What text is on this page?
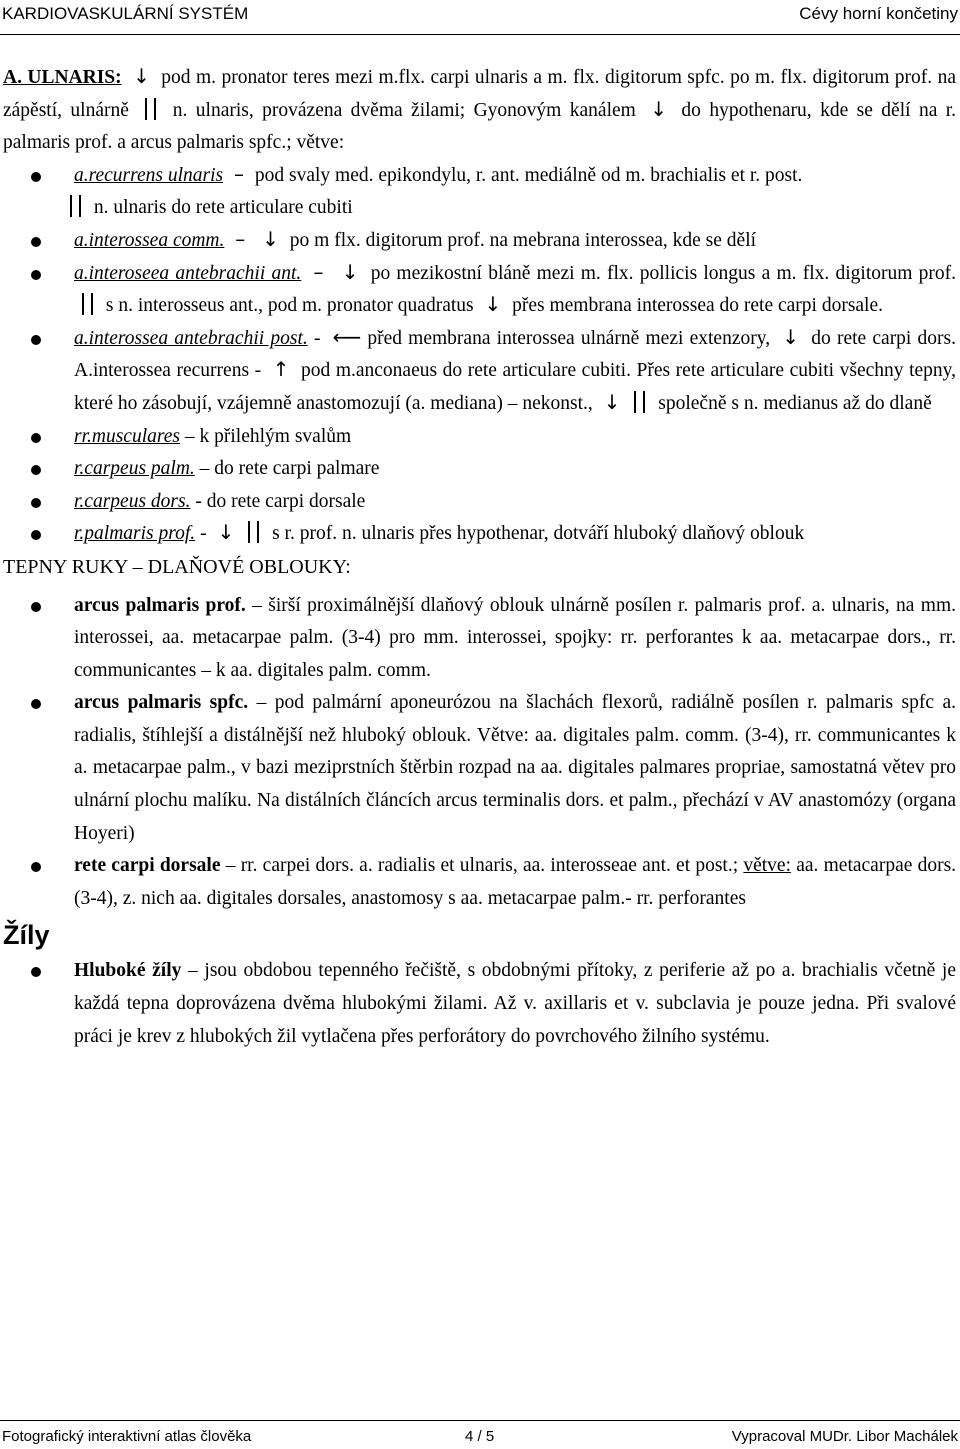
KARDIOVASKULÁRNÍ SYSTÉM	Cévy horní končetiny

A. ULNARIS: ↓ pod m. pronator teres mezi m.flx. carpi ulnaris a m. flx. digitorum spfc. po m. flx. digitorum prof. na zápěstí, ulnárně n. ulnaris, provázena dvěma žilami; Gyonovým kanálem ↓ do hypothenaru, kde se dělí na r. palmaris prof. a arcus palmaris spfc.; větve:

a.recurrens ulnaris – pod svaly med. epikondylu, r. ant. mediálně od m. brachialis et r. post.
n. ulnaris do rete articulare cubiti
a.interossea comm. – ↓ po m flx. digitorum prof. na mebrana interossea, kde se dělí
a.interoseea antebrachii ant. – ↓ po mezikostní bláně mezi m. flx. pollicis longus a m. flx. digitorum prof.  s n. interosseus ant., pod m. pronator quadratus ↓ přes membrana interossea do rete carpi dorsale.
a.interossea antebrachii post. - ⟵ před membrana interossea ulnárně mezi extenzory, ↓ do rete carpi dors. A.interossea recurrens - ↑ pod m.anconaeus do rete articulare cubiti. Přes rete articulare cubiti všechny tepny, které ho zásobují, vzájemně anastomozují (a. mediana) – nekonst., ↓ společně s n. medianus až do dlaně
rr.musculares – k přilehlým svalům
r.carpeus palm. – do rete carpi palmare
r.carpeus dors. - do rete carpi dorsale
r.palmaris prof. - ↓ s r. prof. n. ulnaris přes hypothenar, dotváří hluboký dlaňový oblouk

TEPNY RUKY – DLAŇOVÉ OBLOUKY:

arcus palmaris prof. – širší proximálnější dlaňový oblouk ulnárně posílen r. palmaris prof. a. ulnaris, na mm. interossei, aa. metacarpae palm. (3-4) pro mm. interossei, spojky: rr. perforantes k aa. metacarpae dors., rr. communicantes – k aa. digitales palm. comm.
arcus palmaris spfc. – pod palmární aponeurózou na šlachách flexorů, radiálně posílen r. palmaris spfc a. radialis, štíhlejší a distálnější než hluboký oblouk. Větve: aa. digitales palm. comm. (3-4), rr. communicantes k a. metacarpae palm., v bazi meziprstních štěrbin rozpad na aa. digitales palmares propriae, samostatná větev pro ulnární plochu malíku. Na distálních článcích arcus terminalis dors. et palm., přechází v AV anastomózy (organa Hoyeri)
rete carpi dorsale – rr. carpei dors. a. radialis et ulnaris, aa. interosseae ant. et post.; větve: aa. metacarpae dors.(3-4), z. nich aa. digitales dorsales, anastomosy s aa. metacarpae palm.- rr. perforantes

Žíly

Hluboké žíly – jsou obdobou tepenného řečiště, s obdobnými přítoky, z periferie až po a. brachialis včetně je každá tepna doprovázena dvěma hlubokými žilami. Až v. axillaris et v. subclavia je pouze jedna. Při svalové práci je krev z hlubokých žil vytlačena přes perforátory do povrchového žilního systému.
Fotografický interaktivní atlas člověka	4 / 5	Vypracoval MUDr. Libor Machálek
